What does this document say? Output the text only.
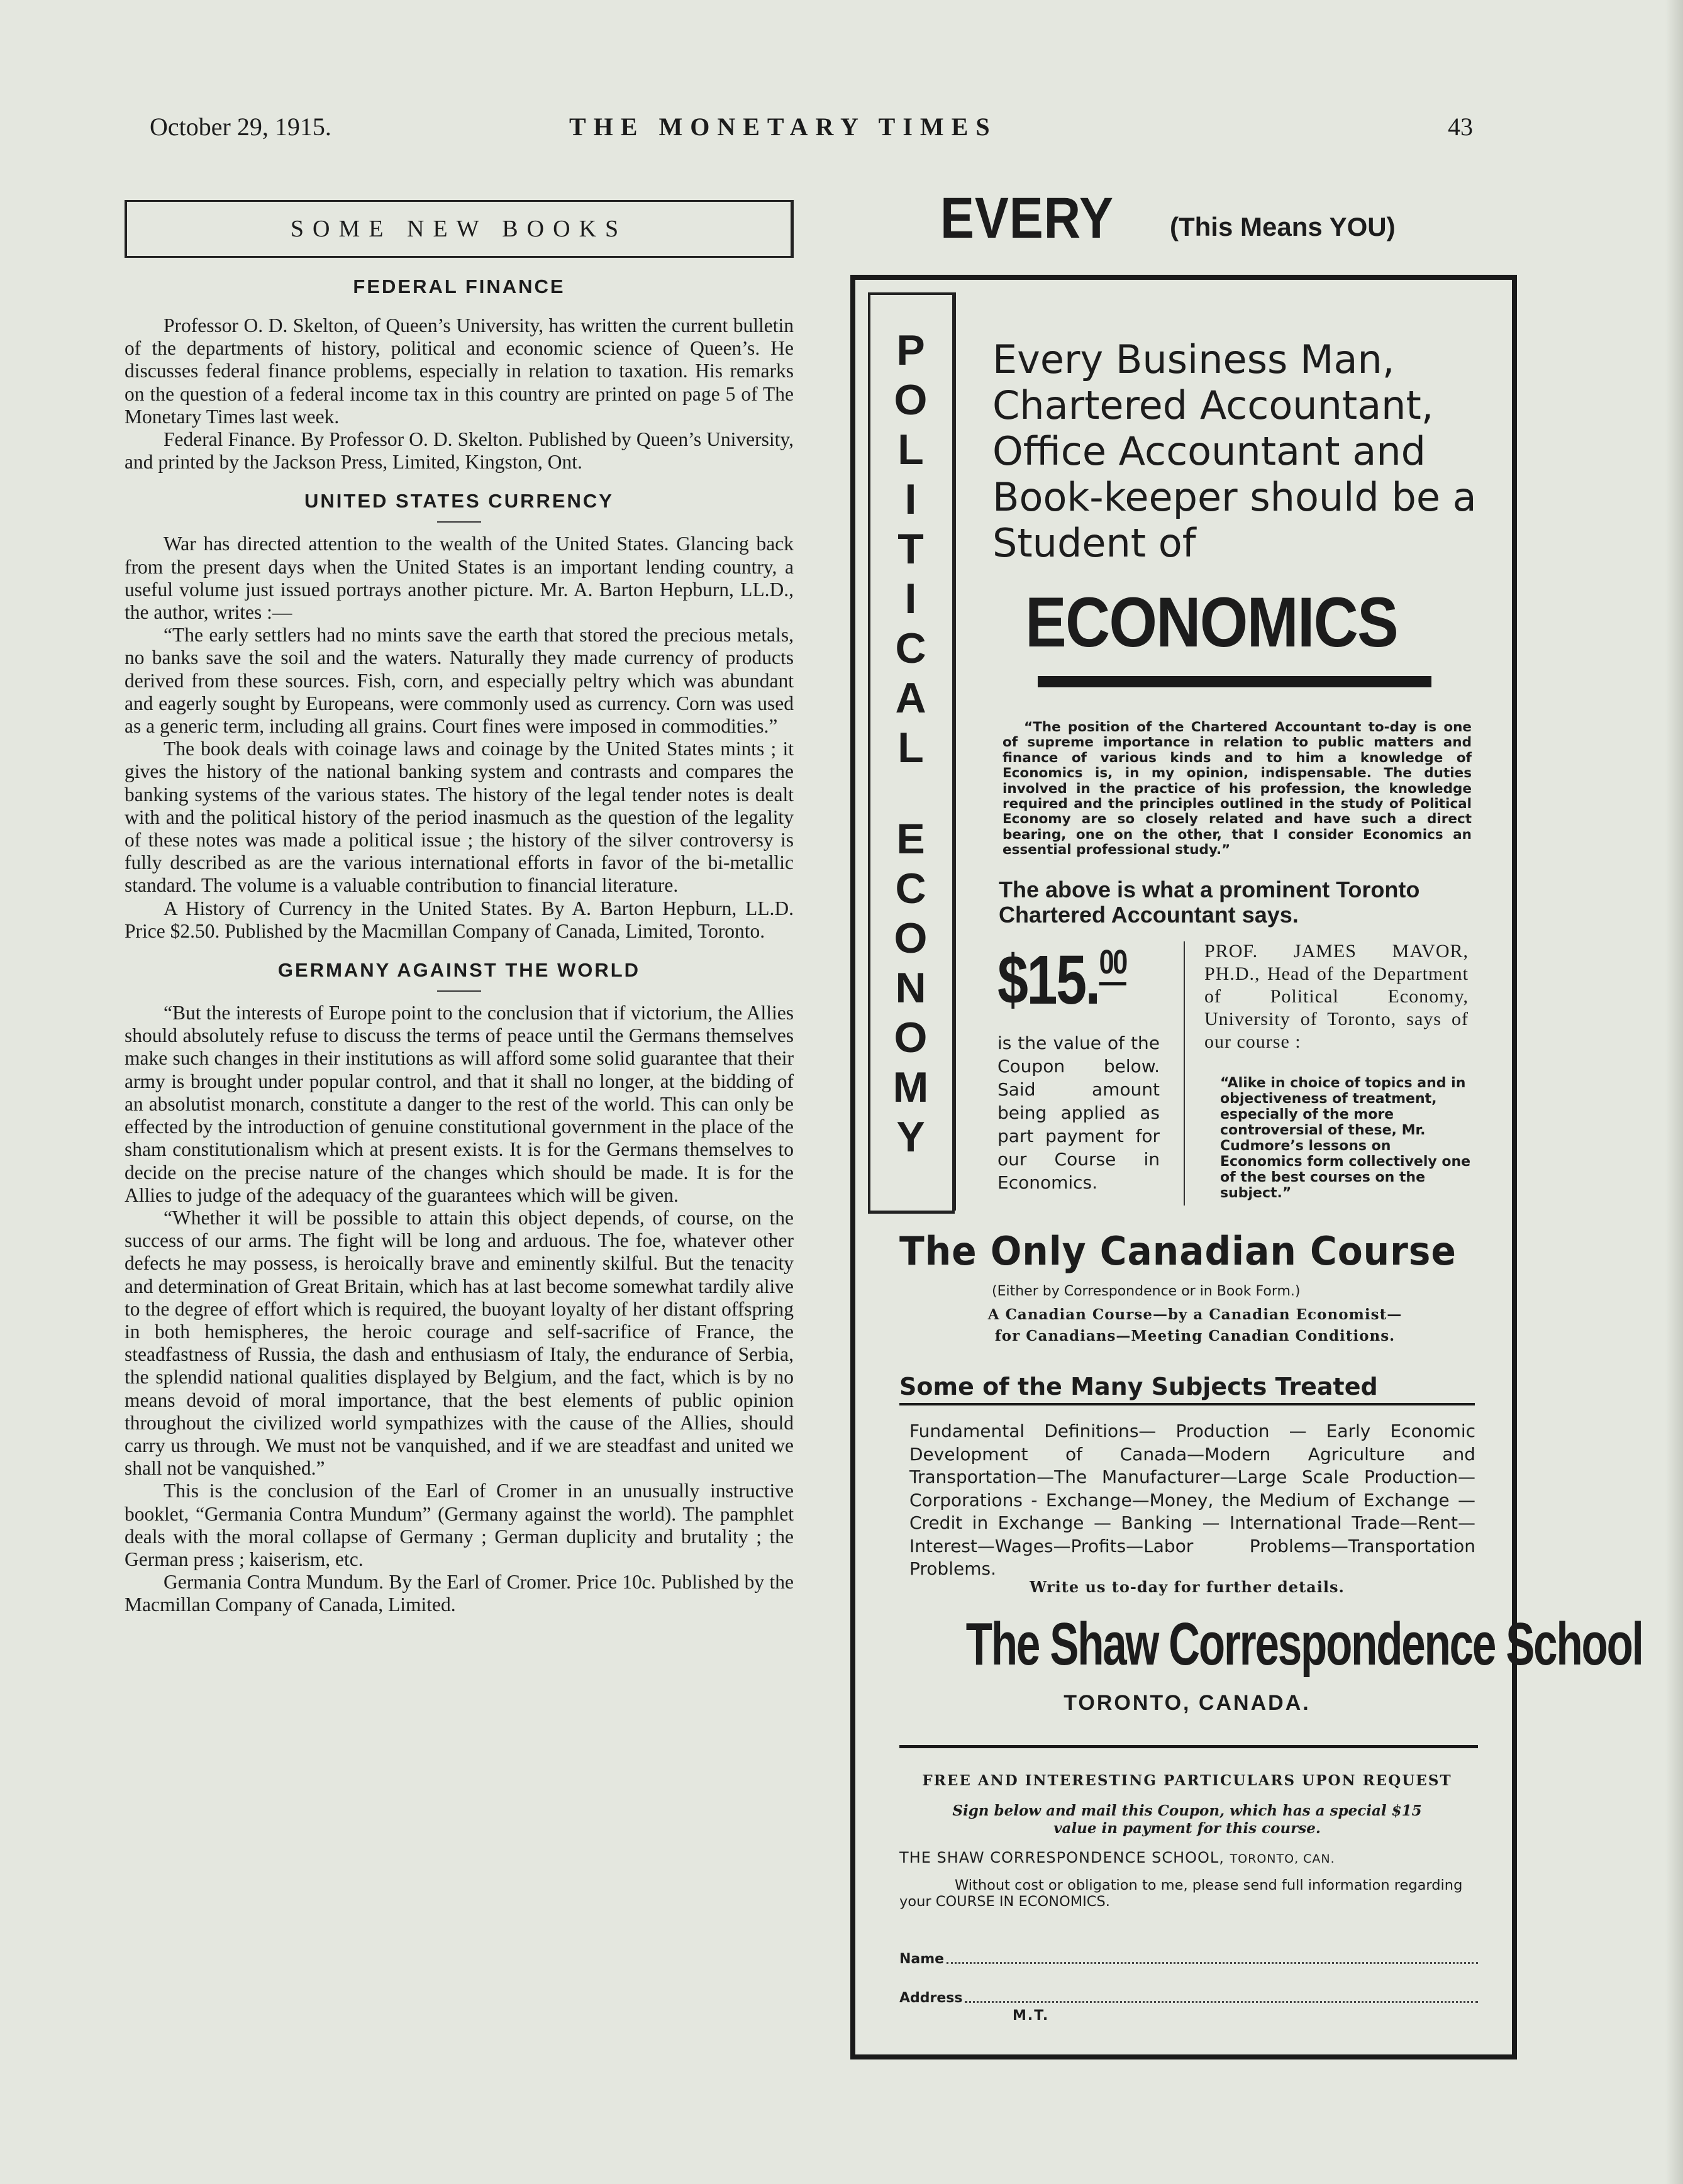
October 29, 1915.	THE MONETARY TIMES	43
SOME NEW BOOKS
FEDERAL FINANCE

Professor O. D. Skelton, of Queen’s University, has written the current bulletin of the departments of history, political and economic science of Queen’s. He discusses federal finance problems, especially in relation to taxation. His remarks on the question of a federal income tax in this country are printed on page 5 of The Monetary Times last week.

Federal Finance. By Professor O. D. Skelton. Published by Queen’s University, and printed by the Jackson Press, Limited, Kingston, Ont.

UNITED STATES CURRENCY

War has directed attention to the wealth of the United States. Glancing back from the present days when the United States is an important lending country, a useful volume just issued portrays another picture. Mr. A. Barton Hepburn, LL.D., the author, writes :—

“The early settlers had no mints save the earth that stored the precious metals, no banks save the soil and the waters. Naturally they made currency of products derived from these sources. Fish, corn, and especially peltry which was abundant and eagerly sought by Europeans, were commonly used as currency. Corn was used as a generic term, including all grains. Court fines were imposed in commodities.”

The book deals with coinage laws and coinage by the United States mints ; it gives the history of the national banking system and contrasts and compares the banking systems of the various states. The history of the legal tender notes is dealt with and the political history of the period inasmuch as the question of the legality of these notes was made a political issue ; the history of the silver controversy is fully described as are the various international efforts in favor of the bi-metallic standard. The volume is a valuable contribution to financial literature.

A History of Currency in the United States. By A. Barton Hepburn, LL.D. Price $2.50. Published by the Macmillan Company of Canada, Limited, Toronto.

GERMANY AGAINST THE WORLD

“But the interests of Europe point to the conclusion that if victorium, the Allies should absolutely refuse to discuss the terms of peace until the Germans themselves make such changes in their institutions as will afford some solid guarantee that their army is brought under popular control, and that it shall no longer, at the bidding of an absolutist monarch, constitute a danger to the rest of the world. This can only be effected by the introduction of genuine constitutional government in the place of the sham constitutionalism which at present exists. It is for the Germans themselves to decide on the precise nature of the changes which should be made. It is for the Allies to judge of the adequacy of the guarantees which will be given.

“Whether it will be possible to attain this object depends, of course, on the success of our arms. The fight will be long and arduous. The foe, whatever other defects he may possess, is heroically brave and eminently skilful. But the tenacity and determination of Great Britain, which has at last become somewhat tardily alive to the degree of effort which is required, the buoyant loyalty of her distant offspring in both hemispheres, the heroic courage and self-sacrifice of France, the steadfastness of Russia, the dash and enthusiasm of Italy, the endurance of Serbia, the splendid national qualities displayed by Belgium, and the fact, which is by no means devoid of moral importance, that the best elements of public opinion throughout the civilized world sympathizes with the cause of the Allies, should carry us through. We must not be vanquished, and if we are steadfast and united we shall not be vanquished.”

This is the conclusion of the Earl of Cromer in an unusually instructive booklet, “Germania Contra Mundum” (Germany against the world). The pamphlet deals with the moral collapse of Germany ; German duplicity and brutality ; the German press ; kaiserism, etc.

Germania Contra Mundum. By the Earl of Cromer. Price 10c. Published by the Macmillan Company of Canada, Limited.

EVERY (This Means YOU)
P
O
L
I
T
I
C
A
L
E
C
O
N
O
M
Y
Every Business Man, Chartered Accountant, Office Accountant and Book-keeper should be a Student of
ECONOMICS
“The position of the Chartered Accountant to-day is one of supreme importance in relation to public matters and finance of various kinds and to him a knowledge of Economics is, in my opinion, indispensable. The duties involved in the practice of his profession, the knowledge required and the principles outlined in the study of Political Economy are so closely related and have such a direct bearing, one on the other, that I consider Economics an essential professional study.”
The above is what a prominent Toronto Chartered Accountant says.
$15.00
is the value of the Coupon below. Said amount being applied as part payment for our Course in Economics.
PROF. JAMES MAVOR, PH.D., Head of the Department of Political Economy, University of Toronto, says of our course :
“Alike in choice of topics and in objectiveness of treatment, especially of the more controversial of these, Mr. Cudmore’s lessons on Economics form collectively one of the best courses on the subject.”
The Only Canadian Course
(Either by Correspondence or in Book Form.)
A Canadian Course—by a Canadian Economist—
for Canadians—Meeting Canadian Conditions.
Some of the Many Subjects Treated
Fundamental Definitions— Production — Early Economic Development of Canada—Modern Agriculture and Transportation—The Manufacturer—Large Scale Production—Corporations - Exchange—Money, the Medium of Exchange — Credit in Exchange — Banking — International Trade—Rent—Interest—Wages—Profits—Labor Problems—Transportation Problems.
Write us to-day for further details.
The Shaw Correspondence School
TORONTO, CANADA.
FREE AND INTERESTING PARTICULARS UPON REQUEST
Sign below and mail this Coupon, which has a special $15 value in payment for this course.
THE SHAW CORRESPONDENCE SCHOOL, TORONTO, CAN.
Without cost or obligation to me, please send full information regarding your COURSE IN ECONOMICS.
Name
Address
M.T.
